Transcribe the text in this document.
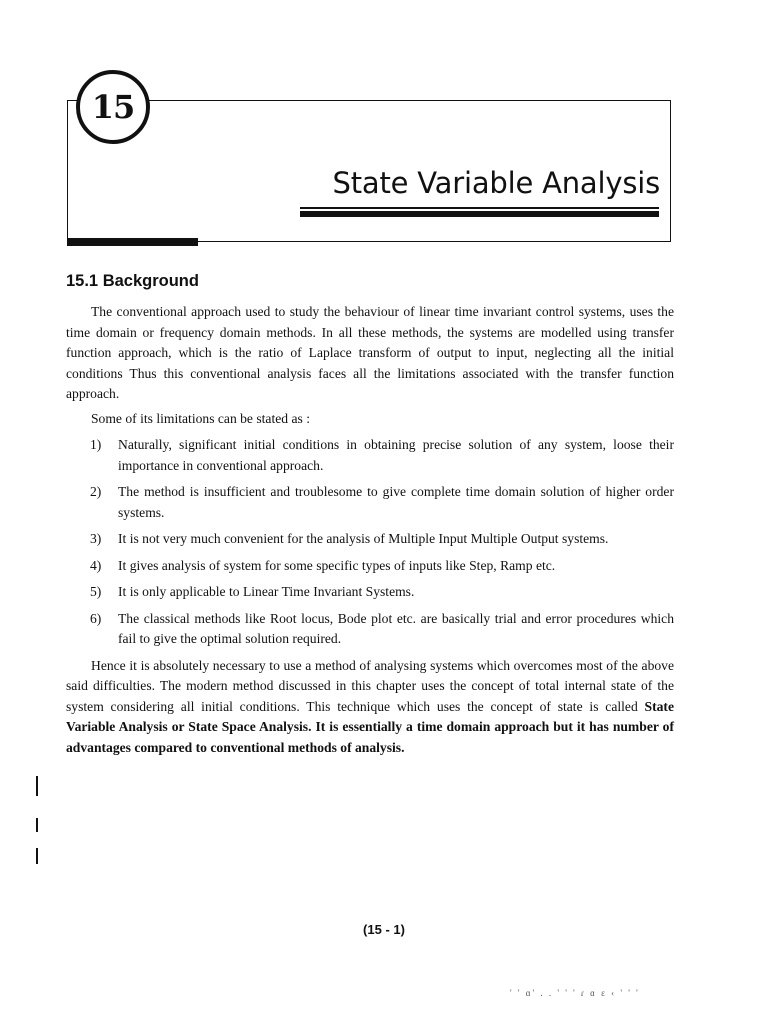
15
State Variable Analysis
15.1 Background

The conventional approach used to study the behaviour of linear time invariant control systems, uses the time domain or frequency domain methods. In all these methods, the systems are modelled using transfer function approach, which is the ratio of Laplace transform of output to input, neglecting all the initial conditions Thus this conventional analysis faces all the limitations associated with the transfer function approach.

Some of its limitations can be stated as :

1) Naturally, significant initial conditions in obtaining precise solution of any system, loose their importance in conventional approach.
2) The method is insufficient and troublesome to give complete time domain solution of higher order systems.
3) It is not very much convenient for the analysis of Multiple Input Multiple Output systems.
4) It gives analysis of system for some specific types of inputs like Step, Ramp etc.
5) It is only applicable to Linear Time Invariant Systems.
6) The classical methods like Root locus, Bode plot etc. are basically trial and error procedures which fail to give the optimal solution required.

Hence it is absolutely necessary to use a method of analysing systems which overcomes most of the above said difficulties. The modern method discussed in this chapter uses the concept of total internal state of the system considering all initial conditions. This technique which uses the concept of state is called State Variable Analysis or State Space Analysis. It is essentially a time domain approach but it has number of advantages compared to conventional methods of analysis.

(15 - 1)
' ' ɑ' . . ' ' ' ɾ ɑ ɛ ‹ ' ' '
